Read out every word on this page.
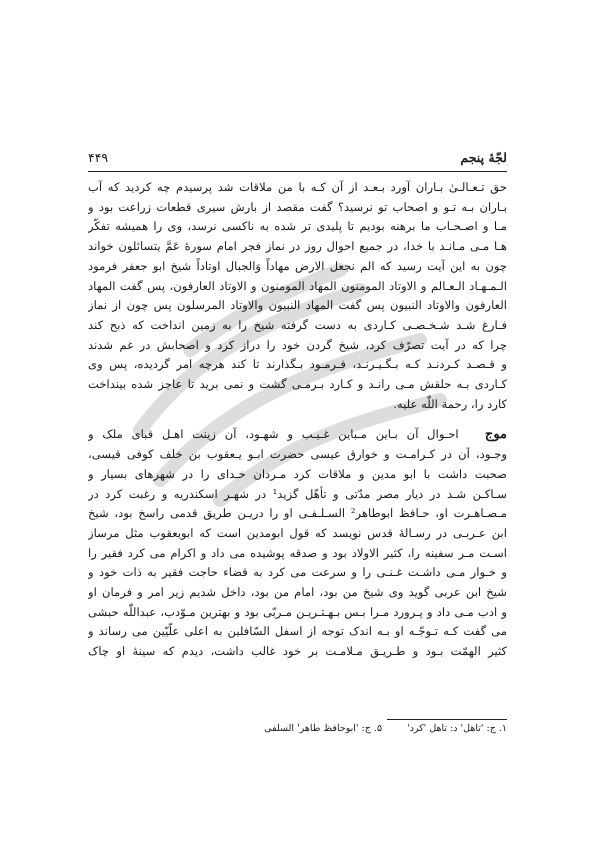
لجّهٔ پنجم
۴۴۹

حق تـعـالـیٰ بـاران آورد بـعـد از آن کـه با من ملاقات شد پرسیدم چه کردید که آب
بـاران بـه تـو و اصحاب تو نرسید؟ گفت مقصد از بارش سیری قطعات زراعت بود و
مـا و اصـحـاب ما برهنه بودیم تا پلیدی تر شده به ناکسی نرسد، وی را همیشه تفکّر
هـا مـی مـانـد با خدا، در جمیع احوال روز در نماز فجر امام سورهٔ عَمَّ یتسائلون خواند
چون به این آیت رسید که الم نجعل الارض مهاداً وَالجبال اوتاداً شیخ ابو جعفر فرمود
الـمـهـاد الـعـالم و الاوتاد المومنون المهاد المومنون و الاوتاد العارفون، پس گفت المهاد
العارفون والاوتاد النبیون پس گفت المهاد النبیون والاوتاد المرسلون پس چون از نماز
فـارغ شـد شـخـصـی کـاردی به دست گرفته شیخ را به زمین انداخت که ذبح کند
چرا که در آیت تصرّف کرد، شیخ گردن خود را دراز کرد و اصحابش در غم شدند
و قـصـد کـردنـد کـه بـگـیـرنـد، فـرمـود بـگذارند تا کند هرچه امر گردیده، پس وی
کـاردی بـه حلقش مـی رانـد و کـارد بـرمـی گشت و نمی برید تا عاجز شده بینداخت
کارد را، رحمة اللّٰه علیه.

موج   احـوال آن بـاین مـباین غـیـب و شهـود، آن زینت اهـل قبای ملک و
وجـود، آن در کـرامـت و خوارق عیسی حضرت ابـو یـعقوب بن خلف کوفی قیسی،
صحبت داشت با ابو مدین و ملاقات کرد مـردان خـدای را در شهرهای بسیار و
سـاکـن شـد در دیار مصر مدّتی و تأهّل گزید¹ در شهـر اسکندریه و رغبت کرد در
مـصـاهـرت او، حـافظ ابوطاهر² السـلـفـی او را دریـن طریق قدمی راسخ بود، شیخ
ابن عـربـی در رسـالهٔ قدس نویسد که قول ابومدین است که ابویعقوب مثل مرساز
اسـت مـر سفینه را، کثیر الاولاد بود و صدقه پوشیده می داد و اکرام می کرد فقیر را
و خـوار مـی داشـت غـنـی را و سرعت می کرد به قضاء حاجت فقیر به ذات خود و
شیخ ابن عربی گوید وی شیخ من بود، امام من بود، داخل شدیم زیر امر و فرمان او
و ادب مـی داد و پـرورد مـرا بـس بـهـتـریـن مـربّی بود و بهترین مـوّدب، عبداللّٰه حبشی
می گفت کـه تـوجّـه او بـه اندک توجه از اسفل السّافلین به اعلی علّیّین می رساند و
کثیر الهمّت بـود و طـریـق مـلامـت بر خود غالب داشت، دیدم که سینهٔ او چاک

۱. ج: 'تاهل' د: تاهل 'کرد' ۵. ج: 'ابوحافظ طاهر' السلفی
